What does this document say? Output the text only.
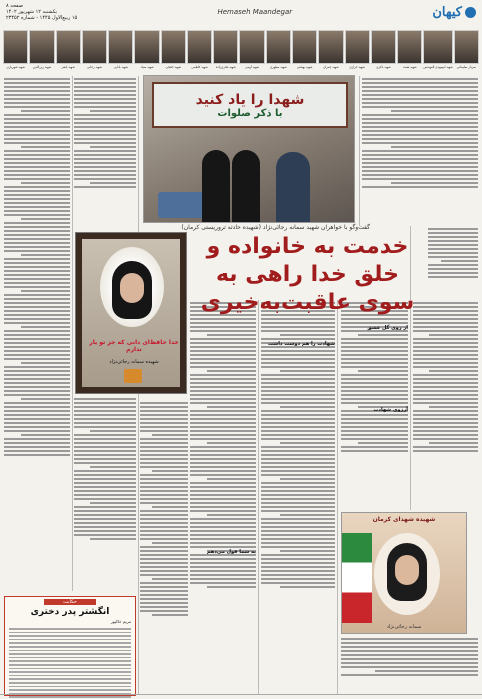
صفحه ۸
یکشنبه ۱۲ شهریور ۱۴۰۲
۱۵ ربیع‌الاول ۱۴۴۵ - شماره ۲۳۴۵۲
Hemaseh Maandegar	کیهان
سردار سلیمانی
شهید ابومهدی المهندس
شهید همت
شهید باکری
شهید خرازی
شهید چمران
شهید بهشتی
شهید مطهری
شهید آوینی
شهید فخری‌زاده
شهید کاظمی
شهید حججی
شهید صیاد
شهید بابایی
شهید رجایی
شهید باهنر
شهید زین‌الدین
شهید شهریاری
از روی گل عشق
شهادت را هم دوست داشت
آرزوی شهادت
به شما قول می‌دهم
شهدا را یاد کنید
با ذکر صلوات
گفت‌وگو با خواهران شهید سمانه رجائی‌نژاد (شهیده حادثه تروریستی کرمان)
خدمت به خانواده و خلق خدا راهی به سوی عاقبت‌به‌خیری
خدا حافظ‌ای دانی که جز تو یار ندارم
شهیده سمانه رجائی‌نژاد
شهیده شهدای کرمان
سمانه رجائی‌نژاد
حکایت
انگشتر پدر دختری
مریم خاکپور
